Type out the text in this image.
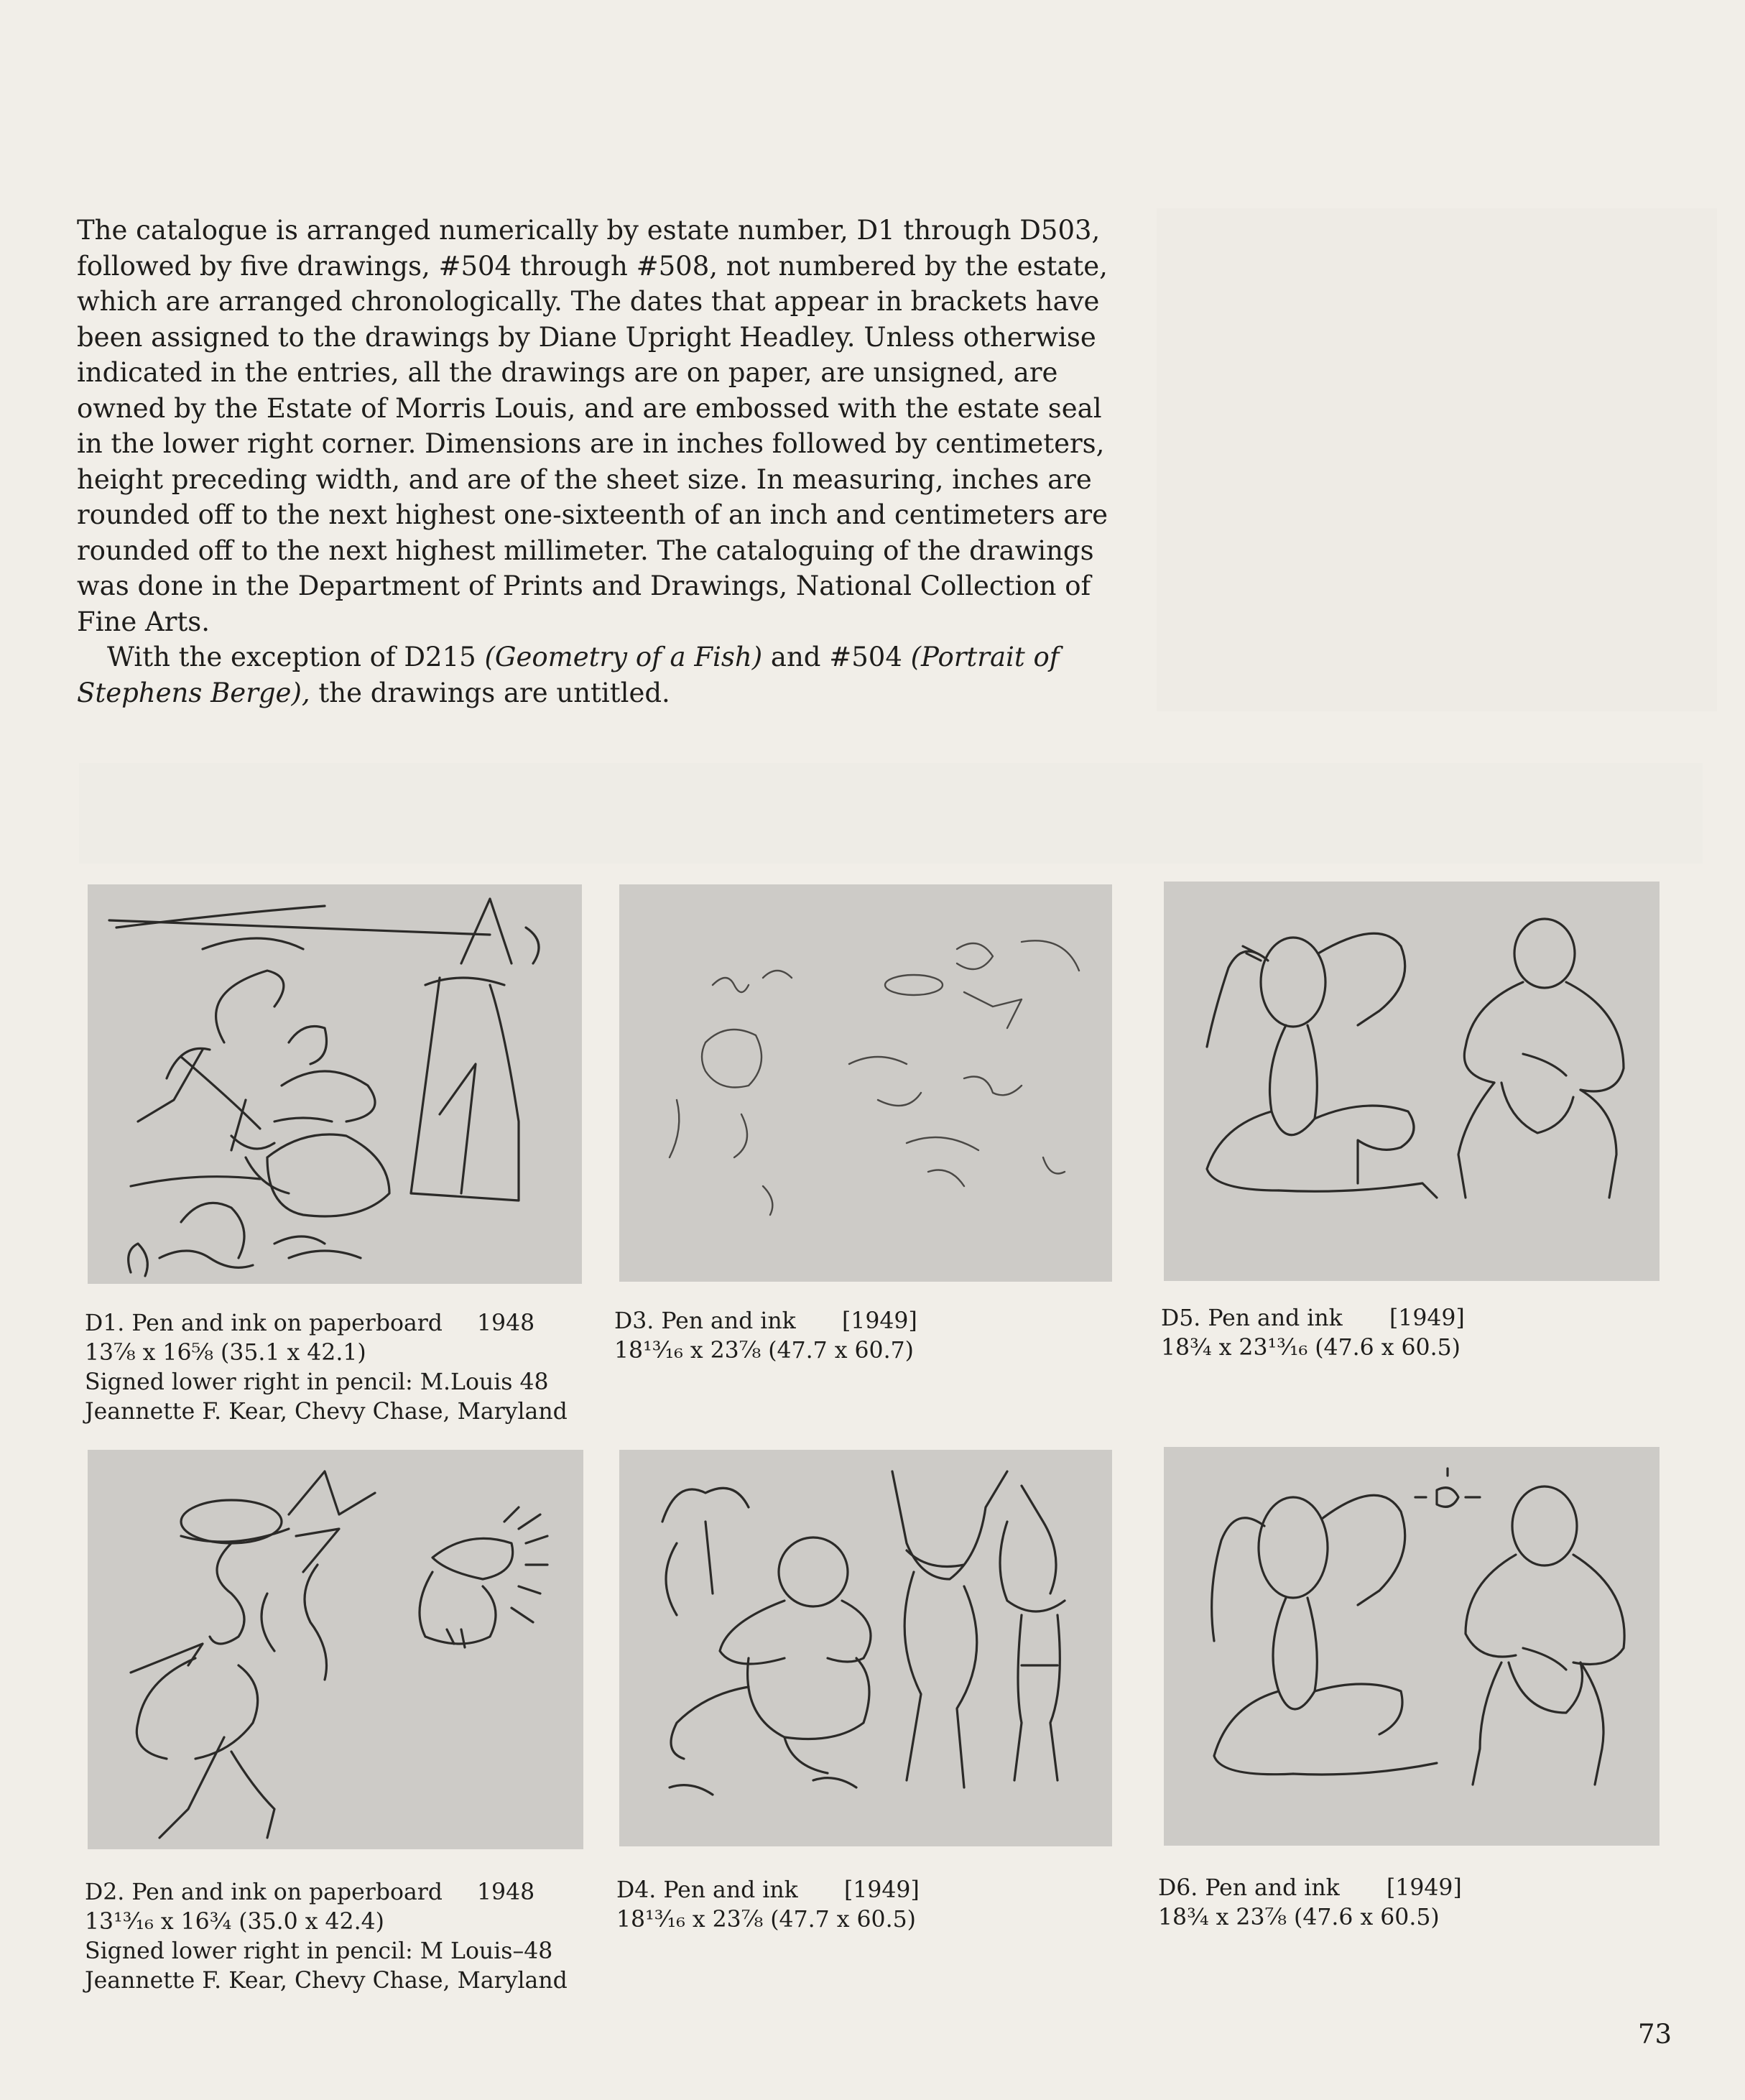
The catalogue is arranged numerically by estate number, D1 through D503, followed by five drawings, #504 through #508, not numbered by the estate, which are arranged chronologically. The dates that appear in brackets have been assigned to the drawings by Diane Upright Headley. Unless otherwise indicated in the entries, all the drawings are on paper, are unsigned, are owned by the Estate of Morris Louis, and are embossed with the estate seal in the lower right corner. Dimensions are in inches followed by centimeters, height preceding width, and are of the sheet size. In measuring, inches are rounded off to the next highest one-sixteenth of an inch and centimeters are rounded off to the next highest millimeter. The cataloguing of the drawings was done in the Department of Prints and Drawings, National Collection of Fine Arts.

With the exception of D215 (Geometry of a Fish) and #504 (Portrait of Stephens Berge), the drawings are untitled.

D1. Pen and ink on paperboard 1948
13⅞ x 16⅝ (35.1 x 42.1)
Signed lower right in pencil: M.Louis 48
Jeannette F. Kear, Chevy Chase, Maryland
D3. Pen and ink [1949]
18¹³⁄₁₆ x 23⅞ (47.7 x 60.7)
D5. Pen and ink [1949]
18¾ x 23¹³⁄₁₆ (47.6 x 60.5)
D2. Pen and ink on paperboard 1948
13¹³⁄₁₆ x 16¾ (35.0 x 42.4)
Signed lower right in pencil: M Louis–48
Jeannette F. Kear, Chevy Chase, Maryland
D4. Pen and ink [1949]
18¹³⁄₁₆ x 23⅞ (47.7 x 60.5)
D6. Pen and ink [1949]
18¾ x 23⅞ (47.6 x 60.5)
73
